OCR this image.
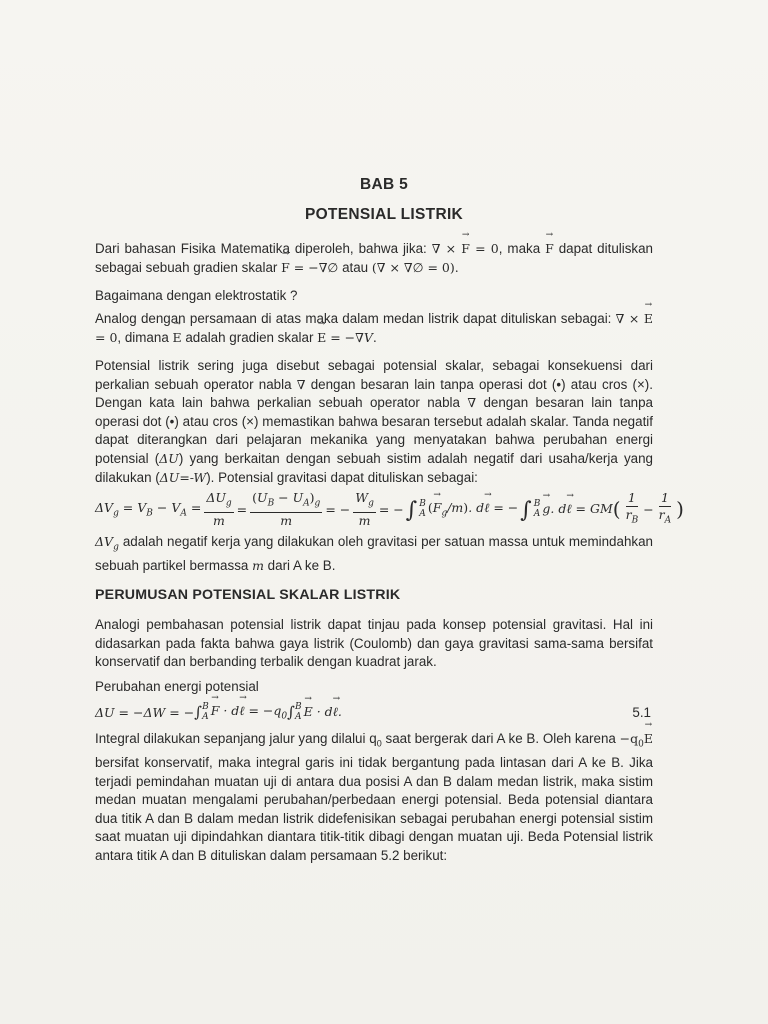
BAB 5
POTENSIAL LISTRIK
Dari bahasan Fisika Matematika diperoleh, bahwa jika: ∇ × → F = 0, maka → F dapat dituliskan sebagai sebuah gradien skalar → F = −∇∅ atau (∇ × ∇∅ = 0).
Bagaimana dengan elektrostatik ?
Analog dengan persamaan di atas maka dalam medan listrik dapat dituliskan sebagai: ∇ × → E = 0, dimana → E adalah gradien skalar → E = −∇V.
Potensial listrik sering juga disebut sebagai potensial skalar, sebagai konsekuensi dari perkalian sebuah operator nabla ∇ dengan besaran lain tanpa operasi dot (•) atau cros (×). Dengan kata lain bahwa perkalian sebuah operator nabla ∇ dengan besaran lain tanpa operasi dot (•) atau cros (×) memastikan bahwa besaran tersebut adalah skalar. Tanda negatif dapat diterangkan dari pelajaran mekanika yang menyatakan bahwa perubahan energi potensial (ΔU) yang berkaitan dengan sebuah sistim adalah negatif dari usaha/kerja yang dilakukan (ΔU=-W). Potensial gravitasi dapat dituliskan sebagai:
$\Delta V_g = V_B - V_A = \frac{\Delta U_g}{m} = \frac{(U_B - U_A)_g}{m}$ = − $\frac{W_g}{m}$ = − ∫ B
A (→ $F_g/m$). d→ ℓ = − ∫ B
A → g. d→ ℓ = GM ( $\frac{1}{r_B} - \frac{1}{r_A}$ )
$\Delta V_g$ adalah negatif kerja yang dilakukan oleh gravitasi per satuan massa untuk memindahkan sebuah partikel bermassa m dari A ke B.
PERUMUSAN POTENSIAL SKALAR LISTRIK
Analogi pembahasan potensial listrik dapat tinjau pada konsep potensial gravitasi. Hal ini didasarkan pada fakta bahwa gaya listrik (Coulomb) dan gaya gravitasi sama-sama bersifat konservatif dan berbanding terbalik dengan kuadrat jarak.
Perubahan energi potensial
ΔU = −ΔW = − ∫ B
A → F · d→ ℓ = $-q_0$ ∫ B
A → E · d→ ℓ.	5.1
Integral dilakukan sepanjang jalur yang dilalui $q_0$ saat bergerak dari A ke B. Oleh karena $-q_0\to E$ bersifat konservatif, maka integral garis ini tidak bergantung pada lintasan dari A ke B. Jika terjadi pemindahan muatan uji di antara dua posisi A dan B dalam medan listrik, maka sistim medan muatan mengalami perubahan/perbedaan energi potensial. Beda potensial diantara dua titik A dan B dalam medan listrik didefenisikan sebagai perubahan energi potensial sistim saat muatan uji dipindahkan diantara titik-titik dibagi dengan muatan uji. Beda Potensial listrik antara titik A dan B dituliskan dalam persamaan 5.2 berikut:
